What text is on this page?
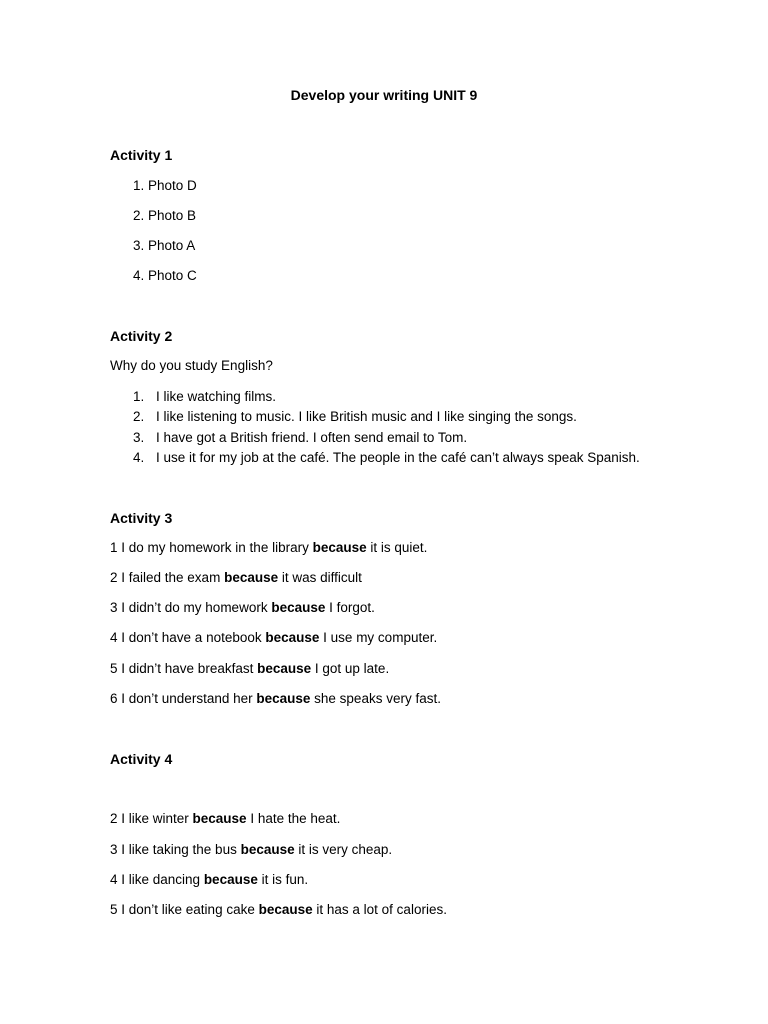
Develop your writing UNIT 9
Activity 1
1. Photo D
2. Photo B
3. Photo A
4. Photo C
Activity 2
Why do you study English?
1. I like watching films.
2. I like listening to music. I like British music and I like singing the songs.
3. I have got a British friend. I often send email to Tom.
4. I use it for my job at the café. The people in the café can’t always speak Spanish.
Activity 3
1 I do my homework in the library because it is quiet.
2 I failed the exam because it was difficult
3 I didn’t do my homework because I forgot.
4 I don’t have a notebook because I use my computer.
5 I didn’t have breakfast because I got up late.
6 I don’t understand her because she speaks very fast.
Activity 4
2 I like winter because I hate the heat.
3 I like taking the bus because it is very cheap.
4 I like dancing because it is fun.
5 I don’t like eating cake because it has a lot of calories.
